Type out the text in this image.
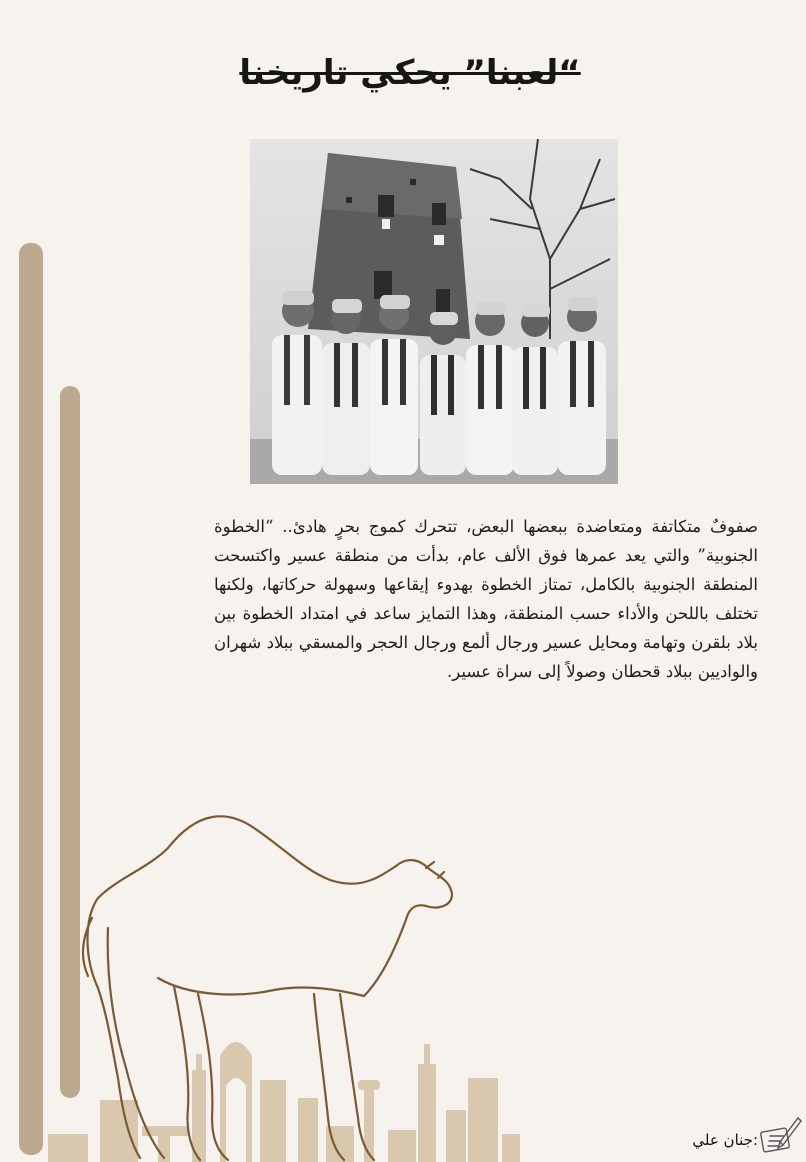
“لعبنا” يحكي تاريخنا
صفوفٌ متكاتفة ومتعاضدة ببعضها البعض، تتحرك كموج بحرٍ هادئ.. “الخطوة الجنوبية” والتي يعد عمرها فوق الألف عام، بدأت من منطقة عسير واكتسحت المنطقة الجنوبية بالكامل، تمتاز الخطوة بهدوء إيقاعها وسهولة حركاتها، ولكنها تختلف باللحن والأداء حسب المنطقة، وهذا التمايز ساعد في امتداد الخطوة بين بلاد بلقرن وتهامة ومحايل عسير ورجال ألمع ورجال الحجر والمسقي ببلاد شهران والواديين ببلاد قحطان وصولاً إلى سراة عسير.
:جنان علي
